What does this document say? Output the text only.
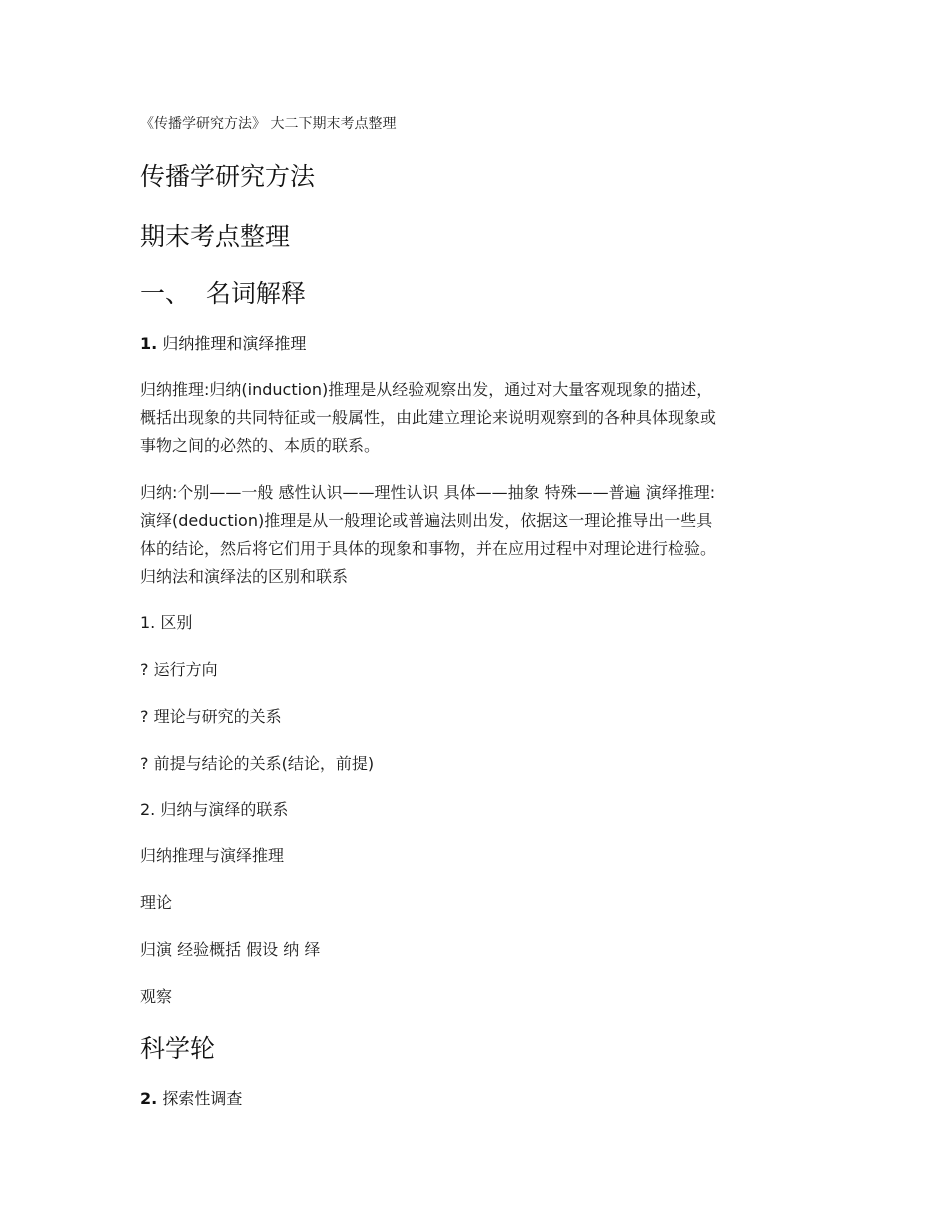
《传播学研究方法》 大二下期末考点整理

传播学研究方法
期末考点整理
一、  名词解释

1. 归纳推理和演绎推理

归纳推理:归纳(induction)推理是从经验观察出发，通过对大量客观现象的描述，

概括出现象的共同特征或一般属性，由此建立理论来说明观察到的各种具体现象或

事物之间的必然的、本质的联系。

归纳:个别——一般 感性认识——理性认识 具体——抽象 特殊——普遍 演绎推理:

演绎(deduction)推理是从一般理论或普遍法则出发，依据这一理论推导出一些具

体的结论，然后将它们用于具体的现象和事物，并在应用过程中对理论进行检验。

归纳法和演绎法的区别和联系

1. 区别

? 运行方向

? 理论与研究的关系

? 前提与结论的关系(结论，前提)

2. 归纳与演绎的联系

归纳推理与演绎推理

理论

归演 经验概括 假设 纳 绎

观察

科学轮

2. 探索性调查
